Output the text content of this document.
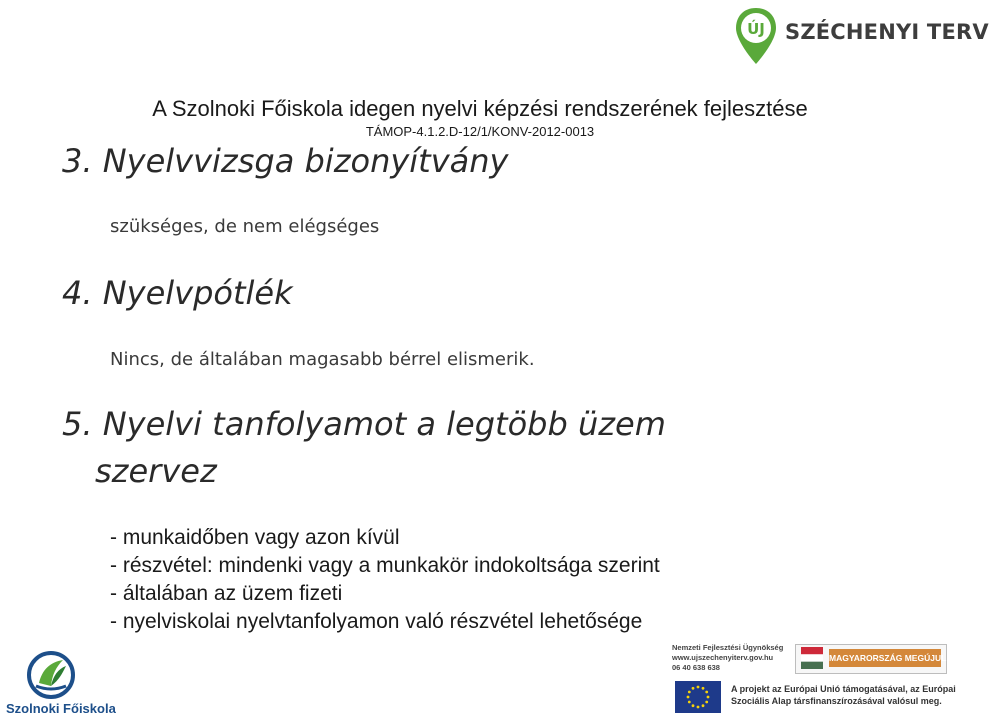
ÚJ SZÉCHENYI TERV
A Szolnoki Főiskola idegen nyelvi képzési rendszerének fejlesztése
TÁMOP-4.1.2.D-12/1/KONV-2012-0013
3. Nyelvvizsga bizonyítvány
szükséges, de nem elégséges
4. Nyelvpótlék
Nincs, de általában magasabb bérrel elismerik.
5. Nyelvi tanfolyamot a legtöbb üzem
szervez
- munkaidőben vagy azon kívül
- részvétel: mindenki vagy a munkakör indokoltsága szerint
- általában az üzem fizeti
- nyelviskolai nyelvtanfolyamon való részvétel lehetősége
Szolnoki Főiskola
Nemzeti Fejlesztési Ügynökség
www.ujszechenyiterv.gov.hu
06 40 638 638
MAGYARORSZÁG MEGÚJUL
A projekt az Európai Unió támogatásával, az Európai
Szociális Alap társfinanszírozásával valósul meg.
